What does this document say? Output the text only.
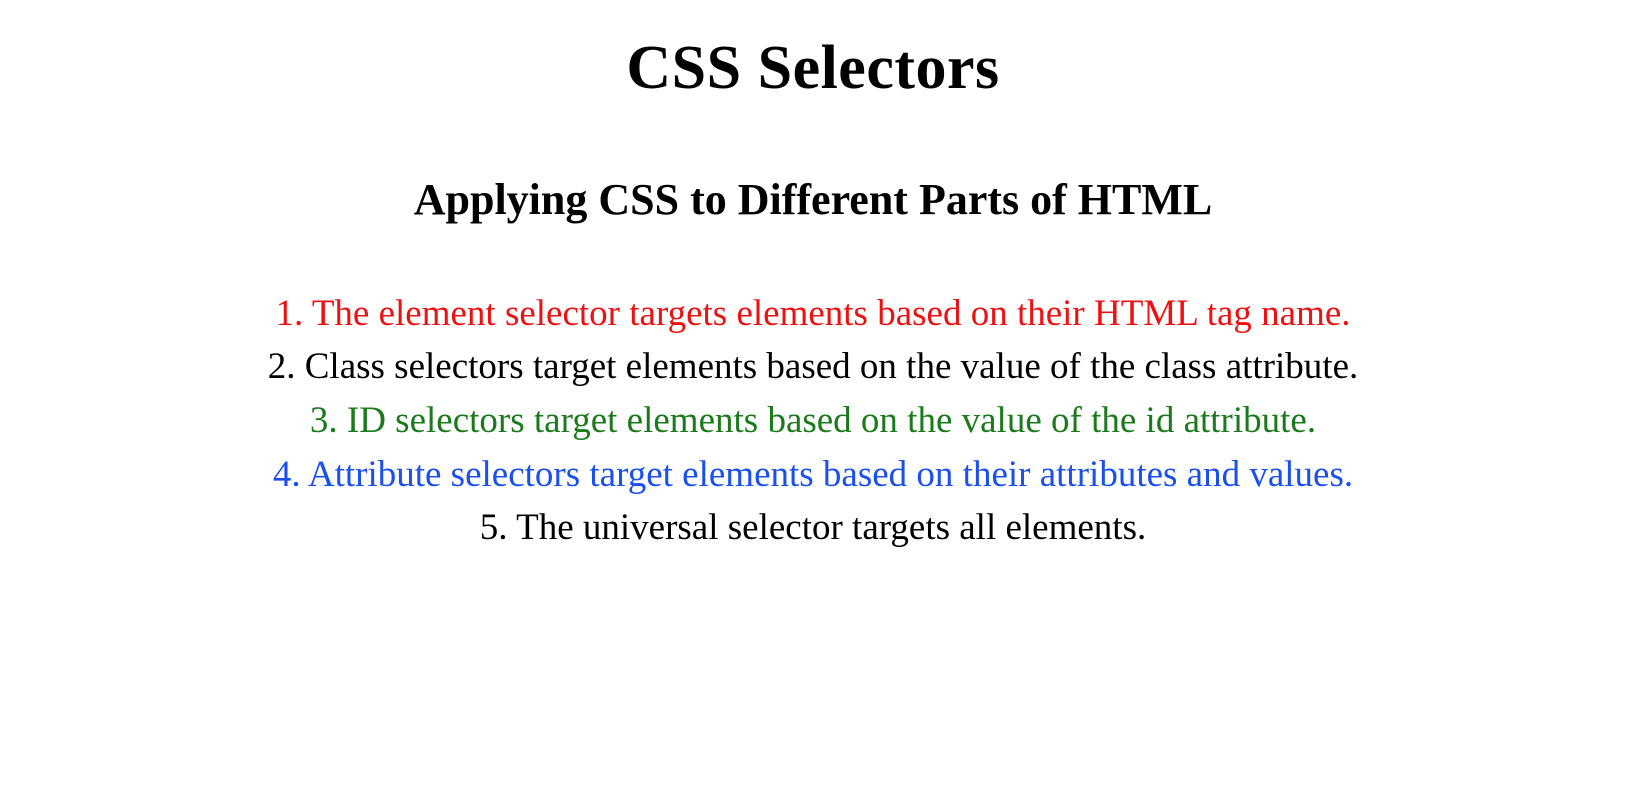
CSS Selectors
Applying CSS to Different Parts of HTML
1. The element selector targets elements based on their HTML tag name.
2. Class selectors target elements based on the value of the class attribute.
3. ID selectors target elements based on the value of the id attribute.
4. Attribute selectors target elements based on their attributes and values.
5. The universal selector targets all elements.
